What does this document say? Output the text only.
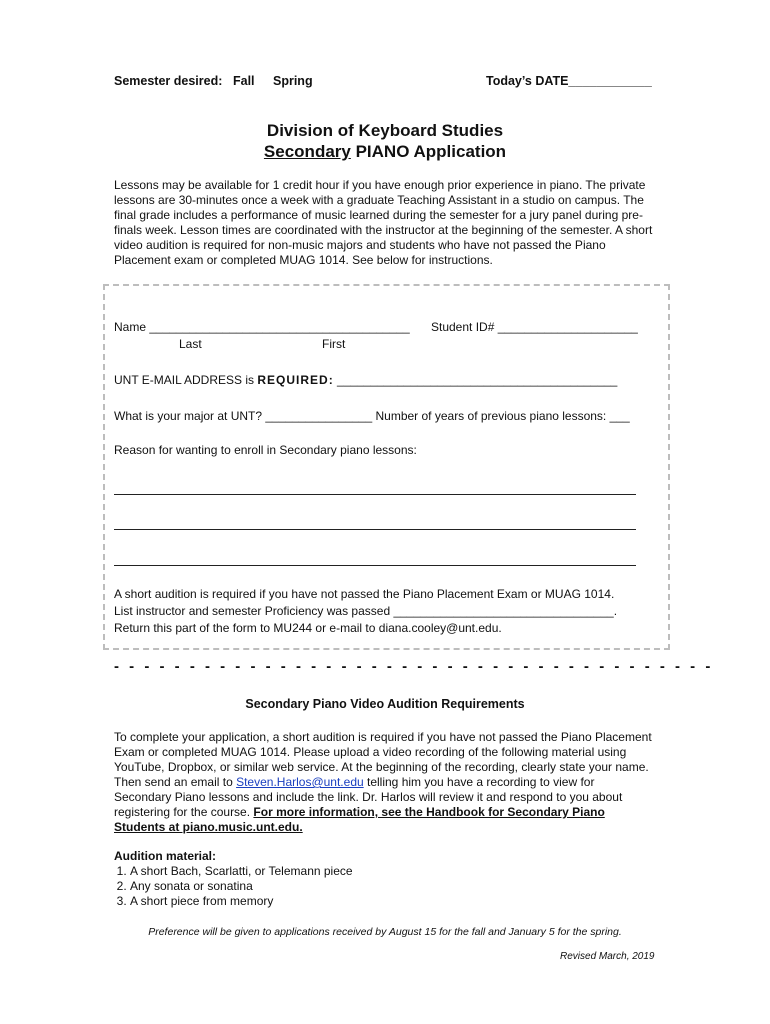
Semester desired: Fall Spring	Today’s DATE____________
Division of Keyboard Studies
Secondary PIANO Application
Lessons may be available for 1 credit hour if you have enough prior experience in piano. The private lessons are 30-minutes once a week with a graduate Teaching Assistant in a studio on campus. The final grade includes a performance of music learned during the semester for a jury panel during pre-finals week. Lesson times are coordinated with the instructor at the beginning of the semester. A short video audition is required for non-music majors and students who have not passed the Piano Placement exam or completed MUAG 1014. See below for instructions.
Name _______________________________________ Student ID# _____________________
Last	First
UNT E-MAIL ADDRESS is REQUIRED: __________________________________________
What is your major at UNT? ________________ Number of years of previous piano lessons: ___
Reason for wanting to enroll in Secondary piano lessons:
A short audition is required if you have not passed the Piano Placement Exam or MUAG 1014.
List instructor and semester Proficiency was passed _________________________________.
Return this part of the form to MU244 or e-mail to diana.cooley@unt.edu.
- - - - - - - - - - - - - - - - - - - - - - - - - - - - - - - - - - - - - - - -
Secondary Piano Video Audition Requirements
To complete your application, a short audition is required if you have not passed the Piano Placement Exam or completed MUAG 1014. Please upload a video recording of the following material using YouTube, Dropbox, or similar web service. At the beginning of the recording, clearly state your name. Then send an email to Steven.Harlos@unt.edu telling him you have a recording to view for Secondary Piano lessons and include the link. Dr. Harlos will review it and respond to you about registering for the course. For more information, see the Handbook for Secondary Piano Students at piano.music.unt.edu.
Audition material:
1. A short Bach, Scarlatti, or Telemann piece
2. Any sonata or sonatina
3. A short piece from memory
Preference will be given to applications received by August 15 for the fall and January 5 for the spring.
Revised March, 2019
